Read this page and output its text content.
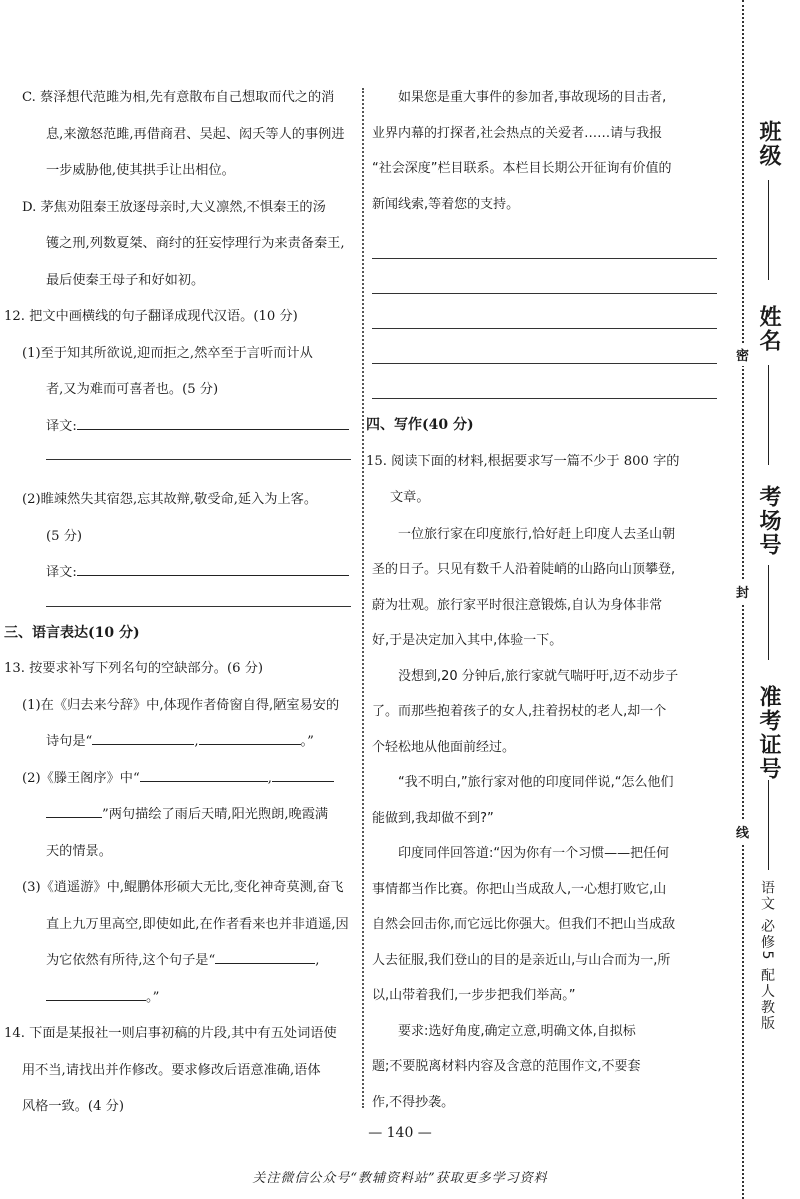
C. 蔡泽想代范雎为相,先有意散布自己想取而代之的消

息,来激怒范雎,再借商君、吴起、闳夭等人的事例进

一步威胁他,使其拱手让出相位。

D. 茅焦劝阻秦王放逐母亲时,大义凛然,不惧秦王的汤

镬之刑,列数夏桀、商纣的狂妄悖理行为来责备秦王,

最后使秦王母子和好如初。

12. 把文中画横线的句子翻译成现代汉语。(10 分)

(1)至于知其所欲说,迎而拒之,然卒至于言听而计从

者,又为难而可喜者也。(5 分)

译文:

(2)睢竦然失其宿怨,忘其故辩,敬受命,延入为上客。

(5 分)

译文:

三、语言表达(10 分)

13. 按要求补写下列名句的空缺部分。(6 分)

(1)在《归去来兮辞》中,体现作者倚窗自得,陋室易安的

诗句是“	,	。”

(2)《滕王阁序》中“	,

”两句描绘了雨后天晴,阳光煦朗,晚霞满

天的情景。

(3)《逍遥游》中,鲲鹏体形硕大无比,变化神奇莫测,奋飞

直上九万里高空,即使如此,在作者看来也并非逍遥,因

为它依然有所待,这个句子是“	,

。”

14. 下面是某报社一则启事初稿的片段,其中有五处词语使

用不当,请找出并作修改。要求修改后语意准确,语体

风格一致。(4 分)

如果您是重大事件的参加者,事故现场的目击者,

业界内幕的打探者,社会热点的关爱者……请与我报

“社会深度”栏目联系。本栏目长期公开征询有价值的

新闻线索,等着您的支持。

四、写作(40 分)

15. 阅读下面的材料,根据要求写一篇不少于 800 字的

文章。

一位旅行家在印度旅行,恰好赶上印度人去圣山朝

圣的日子。只见有数千人沿着陡峭的山路向山顶攀登,

蔚为壮观。旅行家平时很注意锻炼,自认为身体非常

好,于是决定加入其中,体验一下。

没想到,20 分钟后,旅行家就气喘吁吁,迈不动步子

了。而那些抱着孩子的女人,拄着拐杖的老人,却一个

个轻松地从他面前经过。

“我不明白,”旅行家对他的印度同伴说,“怎么他们

能做到,我却做不到?”

印度同伴回答道:“因为你有一个习惯——把任何

事情都当作比赛。你把山当成敌人,一心想打败它,山

自然会回击你,而它远比你强大。但我们不把山当成敌

人去征服,我们登山的目的是亲近山,与山合而为一,所

以,山带着我们,一步步把我们举高。”

要求:选好角度,确定立意,明确文体,自拟标

题;不要脱离材料内容及含意的范围作文,不要套

作,不得抄袭。

— 140 —
关注微信公众号“教辅资料站”获取更多学习资料
班级
姓名
密
考场号
封
准考证号
线
语文 必修5 配人教版
